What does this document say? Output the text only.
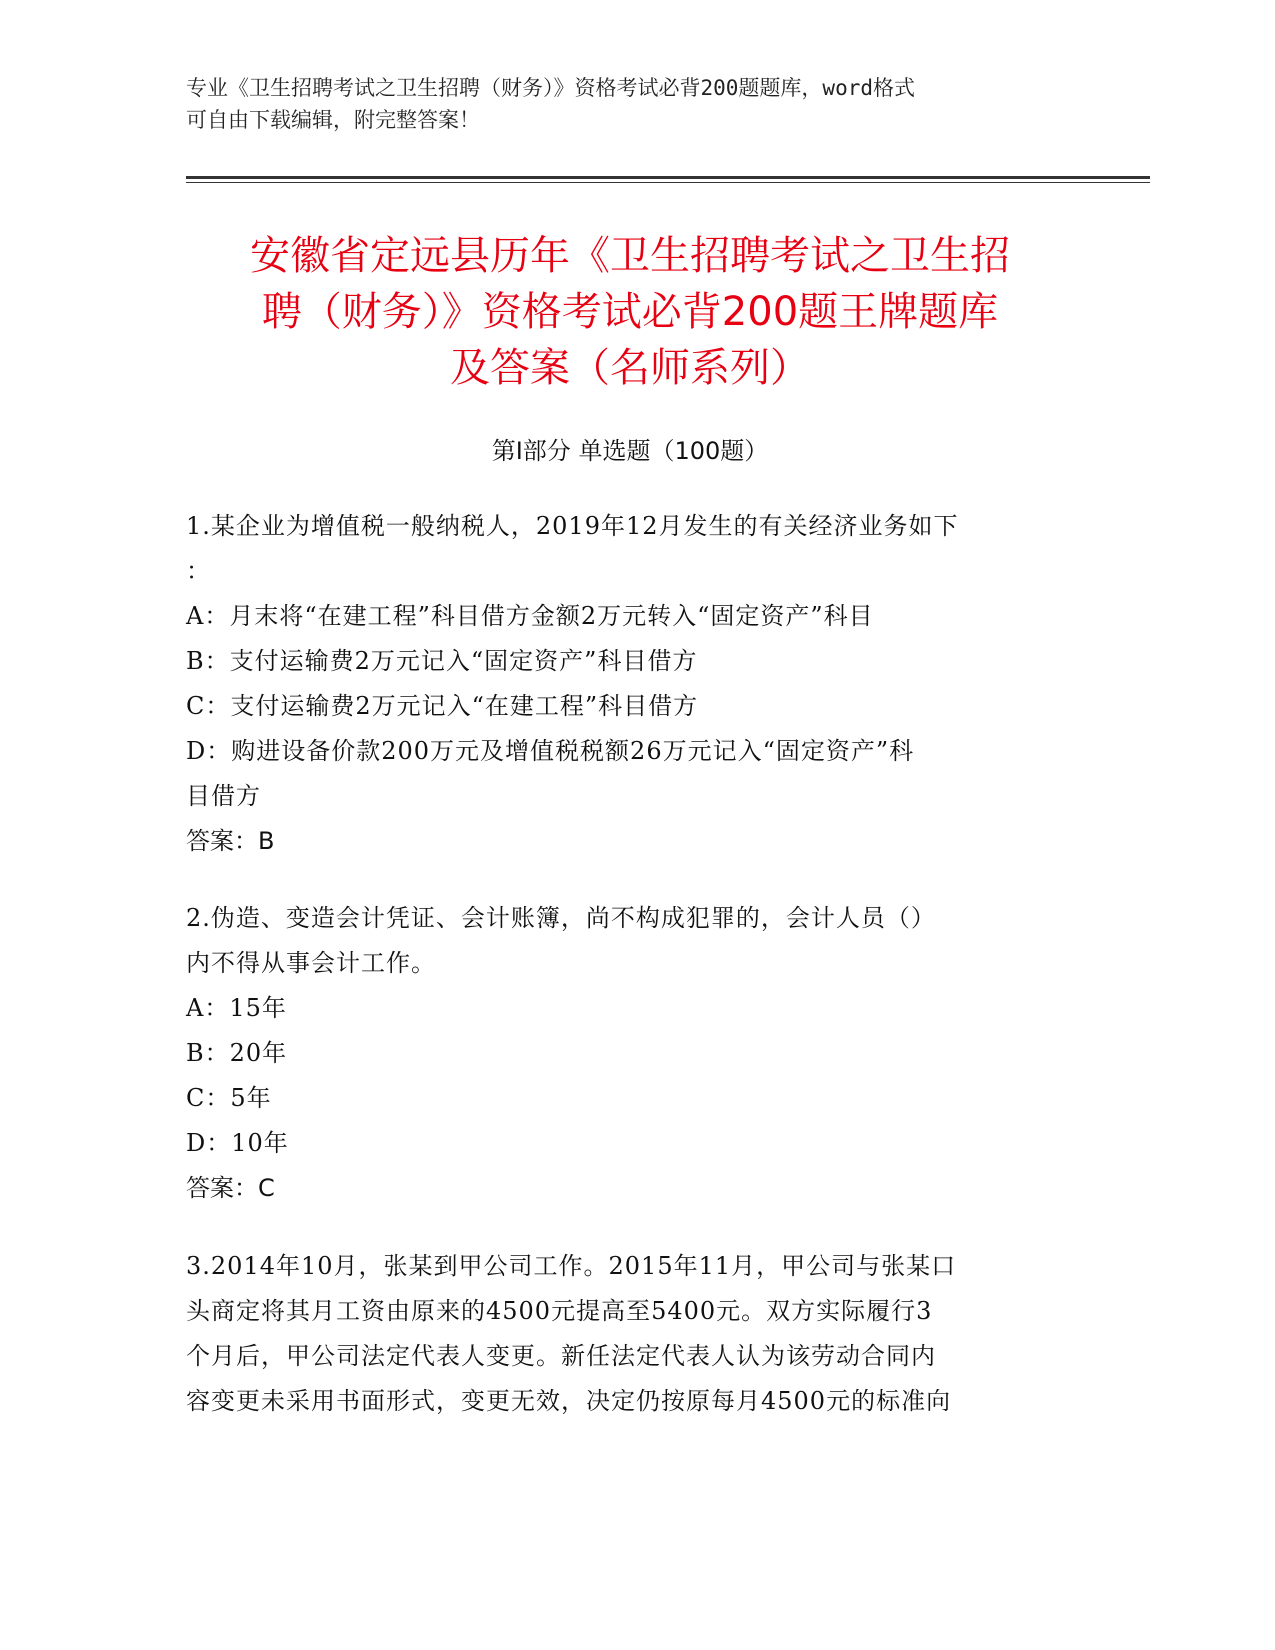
专业《卫生招聘考试之卫生招聘（财务）》资格考试必背200题题库，word格式
可自由下载编辑，附完整答案！
安徽省定远县历年《卫生招聘考试之卫生招
聘（财务）》资格考试必背200题王牌题库
及答案（名师系列）
第Ⅰ部分 单选题（100题）
1.某企业为增值税一般纳税人，2019年12月发生的有关经济业务如下
：
A：月末将“在建工程”科目借方金额2万元转入“固定资产”科目
B：支付运输费2万元记入“固定资产”科目借方
C：支付运输费2万元记入“在建工程”科目借方
D：购进设备价款200万元及增值税税额26万元记入“固定资产”科
目借方
答案：B
2.伪造、变造会计凭证、会计账簿，尚不构成犯罪的，会计人员（）
内不得从事会计工作。
A：15年
B：20年
C：5年
D：10年
答案：C
3.2014年10月，张某到甲公司工作。2015年11月，甲公司与张某口
头商定将其月工资由原来的4500元提高至5400元。双方实际履行3
个月后，甲公司法定代表人变更。新任法定代表人认为该劳动合同内
容变更未采用书面形式，变更无效，决定仍按原每月4500元的标准向
